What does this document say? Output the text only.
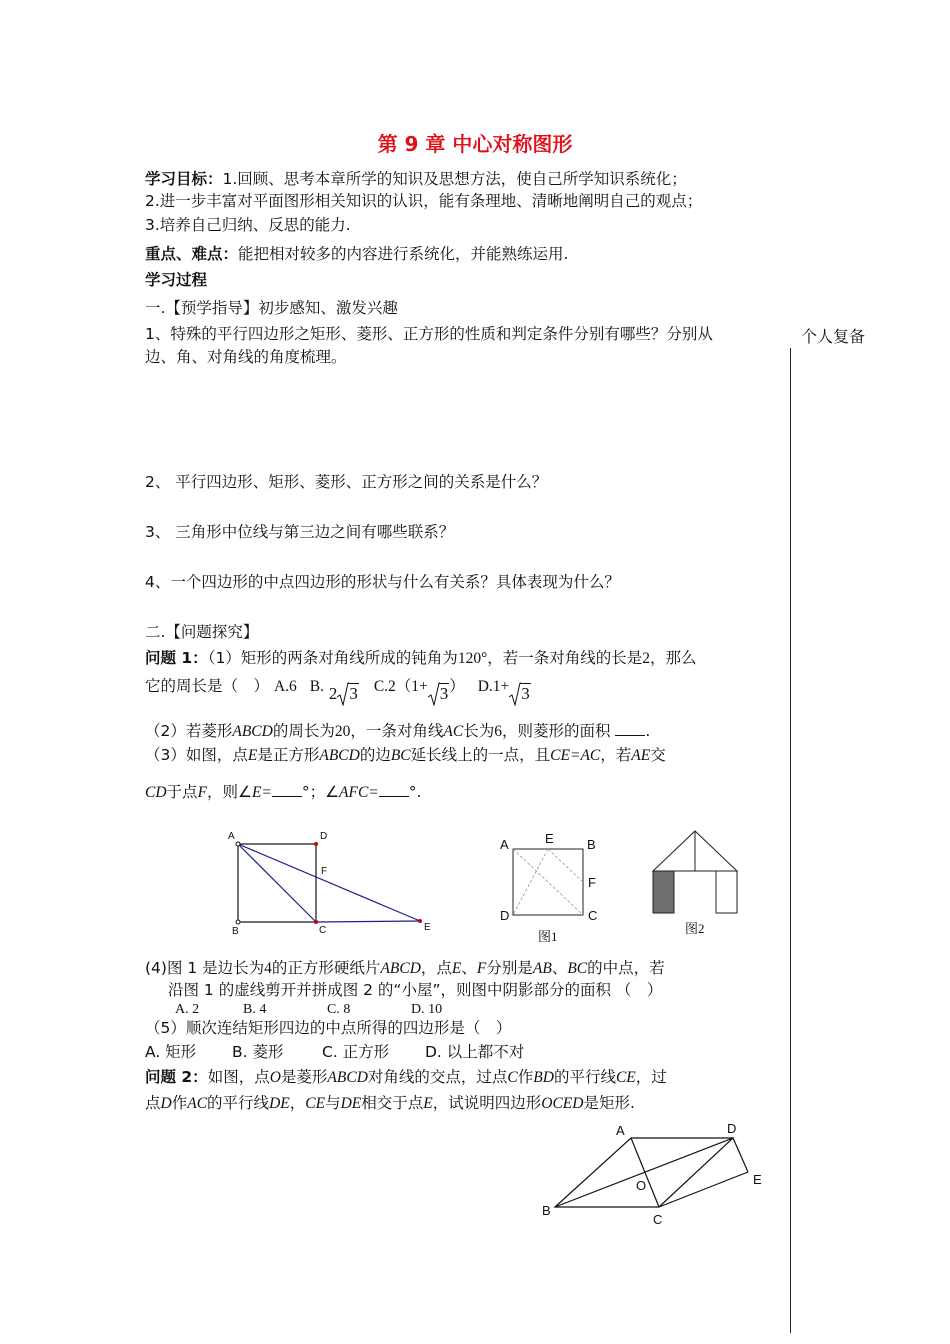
第 9 章 中心对称图形
学习目标：1.回顾、思考本章所学的知识及思想方法，使自己所学知识系统化；
2.进一步丰富对平面图形相关知识的认识，能有条理地、清晰地阐明自己的观点；
3.培养自己归纳、反思的能力.
重点、难点：能把相对较多的内容进行系统化，并能熟练运用.
学习过程
一.【预学指导】初步感知、激发兴趣
1、特殊的平行四边形之矩形、菱形、正方形的性质和判定条件分别有哪些？分别从
边、角、对角线的角度梳理。
个人复备
2、 平行四边形、矩形、菱形、正方形之间的关系是什么？
3、 三角形中位线与第三边之间有哪些联系？
4、一个四边形的中点四边形的形状与什么有关系？具体表现为什么？
二.【问题探究】
问题 1：（1）矩形的两条对角线所成的钝角为120°，若一条对角线的长是2，那么
它的周长是（　） A.6 B. 2 3 C.2（1+ 3） D.1+ 3
（2）若菱形ABCD的周长为20，一条对角线AC长为6，则菱形的面积 .
（3）如图，点E是正方形ABCD的边BC延长线上的一点，且CE=AC，若AE交
CD于点F，则∠E= °；∠AFC= °.
A	D
F
B	C	E
A	E	B
F
D	C
图1
图2
(4)图 1 是边长为4的正方形硬纸片ABCD，点E、F分别是AB、BC的中点，若
沿图 1 的虚线剪开并拼成图 2 的“小屋”，则图中阴影部分的面积 （　）
A. 2	B. 4	C. 8	D. 10
（5）顺次连结矩形四边的中点所得的四边形是（　）
A. 矩形 B. 菱形 C. 正方形 D. 以上都不对
问题 2：如图，点O是菱形ABCD对角线的交点，过点C作BD的平行线CE，过
点D作AC的平行线DE，CE与DE相交于点E，试说明四边形OCED是矩形.
A	D
O	E
B
C
